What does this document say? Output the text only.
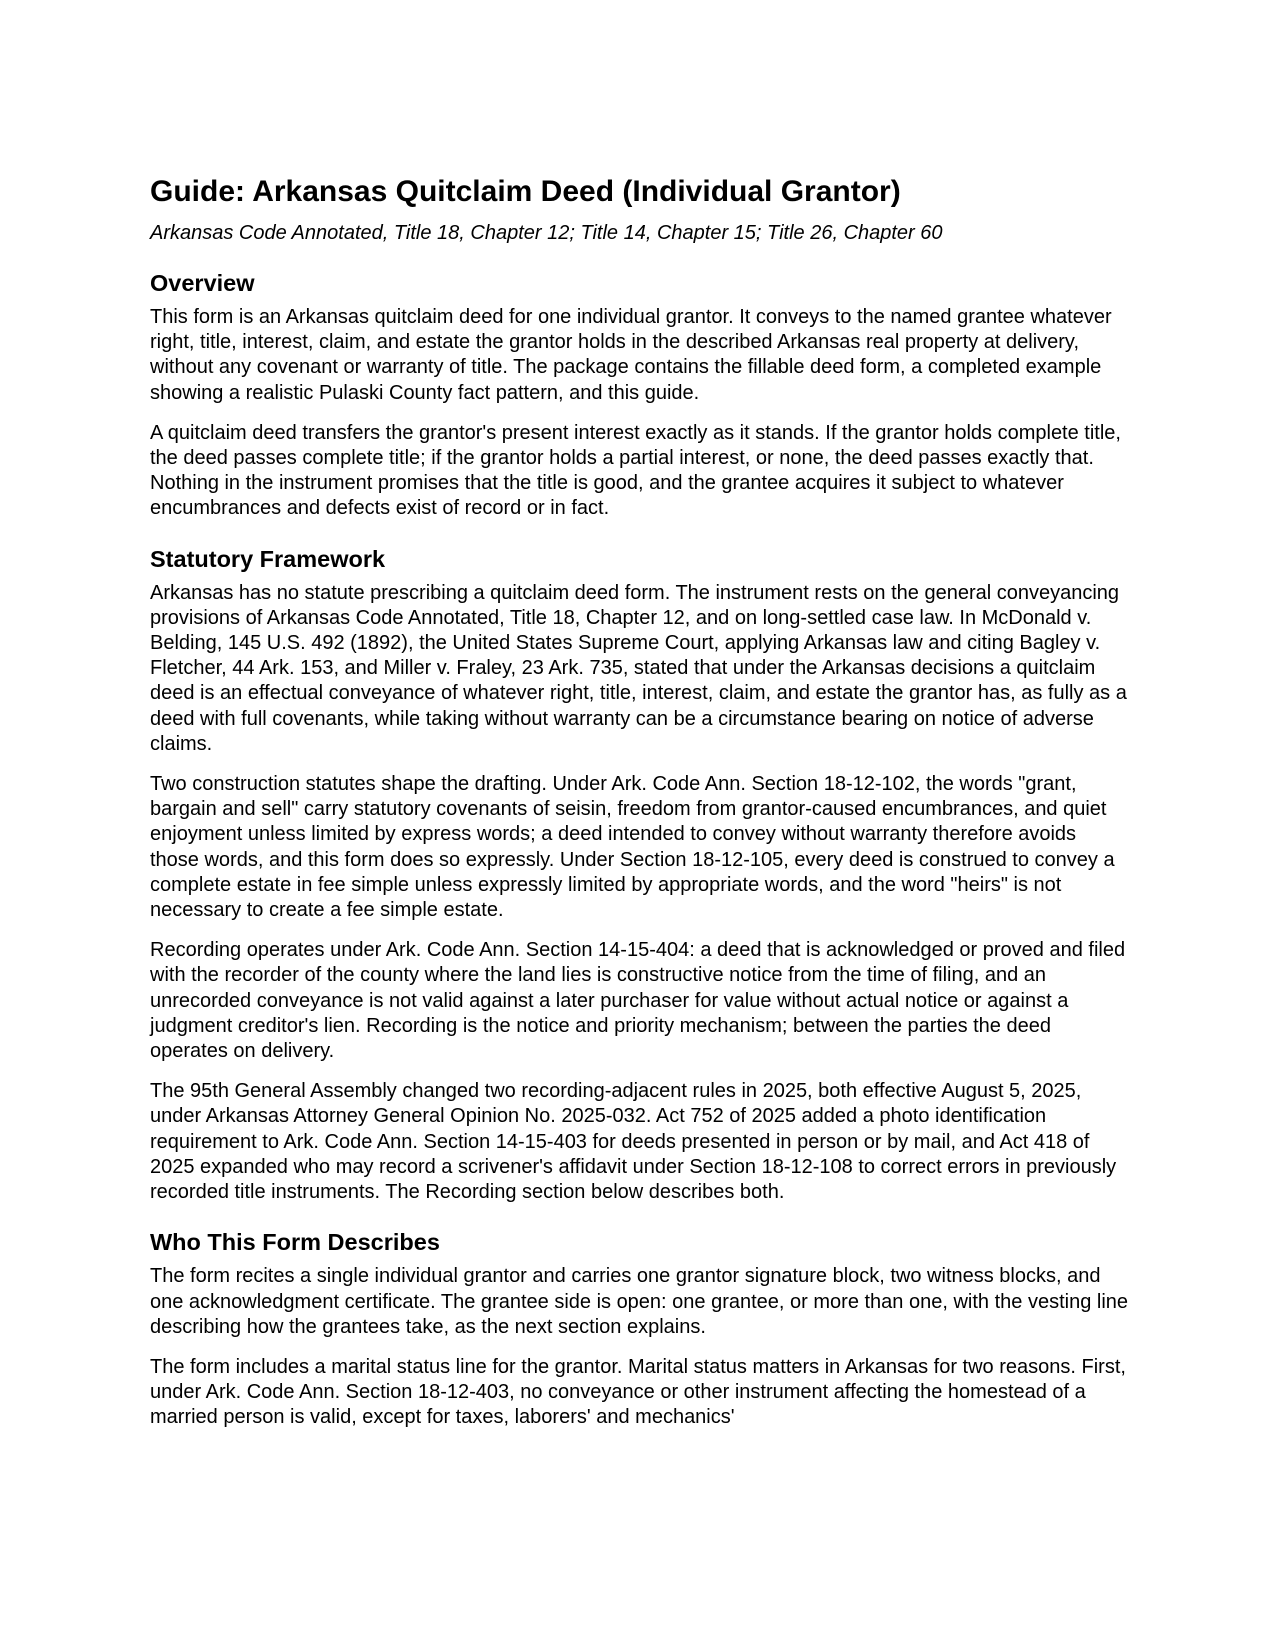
Guide: Arkansas Quitclaim Deed (Individual Grantor)
Arkansas Code Annotated, Title 18, Chapter 12; Title 14, Chapter 15; Title 26, Chapter 60
Overview

This form is an Arkansas quitclaim deed for one individual grantor. It conveys to the named grantee whatever right, title, interest, claim, and estate the grantor holds in the described Arkansas real property at delivery, without any covenant or warranty of title. The package contains the fillable deed form, a completed example showing a realistic Pulaski County fact pattern, and this guide.

A quitclaim deed transfers the grantor's present interest exactly as it stands. If the grantor holds complete title, the deed passes complete title; if the grantor holds a partial interest, or none, the deed passes exactly that. Nothing in the instrument promises that the title is good, and the grantee acquires it subject to whatever encumbrances and defects exist of record or in fact.

Statutory Framework

Arkansas has no statute prescribing a quitclaim deed form. The instrument rests on the general conveyancing provisions of Arkansas Code Annotated, Title 18, Chapter 12, and on long-settled case law. In McDonald v. Belding, 145 U.S. 492 (1892), the United States Supreme Court, applying Arkansas law and citing Bagley v. Fletcher, 44 Ark. 153, and Miller v. Fraley, 23 Ark. 735, stated that under the Arkansas decisions a quitclaim deed is an effectual conveyance of whatever right, title, interest, claim, and estate the grantor has, as fully as a deed with full covenants, while taking without warranty can be a circumstance bearing on notice of adverse claims.

Two construction statutes shape the drafting. Under Ark. Code Ann. Section 18-12-102, the words "grant, bargain and sell" carry statutory covenants of seisin, freedom from grantor-caused encumbrances, and quiet enjoyment unless limited by express words; a deed intended to convey without warranty therefore avoids those words, and this form does so expressly. Under Section 18-12-105, every deed is construed to convey a complete estate in fee simple unless expressly limited by appropriate words, and the word "heirs" is not necessary to create a fee simple estate.

Recording operates under Ark. Code Ann. Section 14-15-404: a deed that is acknowledged or proved and filed with the recorder of the county where the land lies is constructive notice from the time of filing, and an unrecorded conveyance is not valid against a later purchaser for value without actual notice or against a judgment creditor's lien. Recording is the notice and priority mechanism; between the parties the deed operates on delivery.

The 95th General Assembly changed two recording-adjacent rules in 2025, both effective August 5, 2025, under Arkansas Attorney General Opinion No. 2025-032. Act 752 of 2025 added a photo identification requirement to Ark. Code Ann. Section 14-15-403 for deeds presented in person or by mail, and Act 418 of 2025 expanded who may record a scrivener's affidavit under Section 18-12-108 to correct errors in previously recorded title instruments. The Recording section below describes both.

Who This Form Describes

The form recites a single individual grantor and carries one grantor signature block, two witness blocks, and one acknowledgment certificate. The grantee side is open: one grantee, or more than one, with the vesting line describing how the grantees take, as the next section explains.

The form includes a marital status line for the grantor. Marital status matters in Arkansas for two reasons. First, under Ark. Code Ann. Section 18-12-403, no conveyance or other instrument affecting the homestead of a married person is valid, except for taxes, laborers' and mechanics'
